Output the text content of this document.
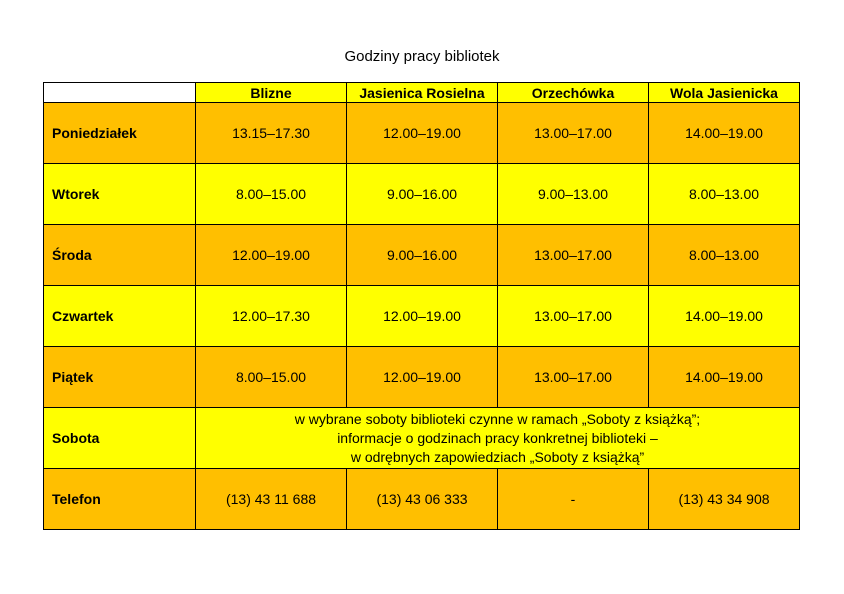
Godziny pracy bibliotek
	Blizne	Jasienica Rosielna	Orzechówka	Wola Jasienicka
Poniedziałek	13.15–17.30	12.00–19.00	13.00–17.00	14.00–19.00
Wtorek	8.00–15.00	9.00–16.00	9.00–13.00	8.00–13.00
Środa	12.00–19.00	9.00–16.00	13.00–17.00	8.00–13.00
Czwartek	12.00–17.30	12.00–19.00	13.00–17.00	14.00–19.00
Piątek	8.00–15.00	12.00–19.00	13.00–17.00	14.00–19.00
Sobota	w wybrane soboty biblioteki czynne w ramach „Soboty z książką”;
informacje o godzinach pracy konkretnej biblioteki –
w odrębnych zapowiedziach „Soboty z książką”			

Telefon	(13) 43 11 688	(13) 43 06 333	-	(13) 43 34 908
